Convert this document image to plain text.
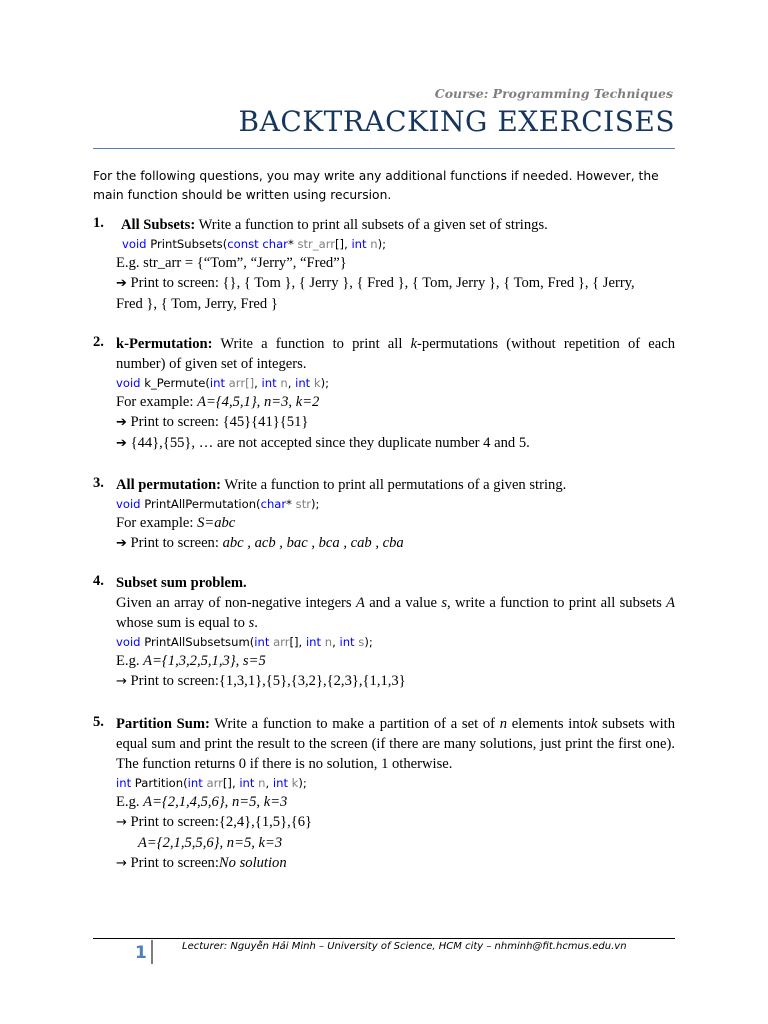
Course: Programming Techniques
BACKTRACKING EXERCISES
For the following questions, you may write any additional functions if needed. However, the main function should be written using recursion.
1. All Subsets: Write a function to print all subsets of a given set of strings.
void PrintSubsets(const char* str_arr[], int n);
E.g. str_arr = {“Tom”, “Jerry”, “Fred”}
➔ Print to screen: {}, { Tom }, { Jerry }, { Fred }, { Tom, Jerry }, { Tom, Fred }, { Jerry,
Fred }, { Tom, Jerry, Fred }
2. k-Permutation: Write a function to print all k-permutations (without repetition of each number) of given set of integers.
void k_Permute(int arr[], int n, int k);
For example: A={4,5,1}, n=3, k=2
➔ Print to screen: {45}{41}{51}
➔ {44},{55}, … are not accepted since they duplicate number 4 and 5.
3. All permutation: Write a function to print all permutations of a given string.
void PrintAllPermutation(char* str);
For example: S=abc
➔ Print to screen: abc , acb , bac , bca , cab , cba
4. Subset sum problem.
Given an array of non-negative integers A and a value s, write a function to print all subsets A whose sum is equal to s.
void PrintAllSubsetsum(int arr[], int n, int s);
E.g. A={1,3,2,5,1,3}, s=5
→ Print to screen:{1,3,1},{5},{3,2},{2,3},{1,1,3}
5. Partition Sum: Write a function to make a partition of a set of n elements intok subsets with equal sum and print the result to the screen (if there are many solutions, just print the first one). The function returns 0 if there is no solution, 1 otherwise.
int Partition(int arr[], int n, int k);
E.g. A={2,1,4,5,6}, n=5, k=3
→ Print to screen:{2,4},{1,5},{6}
A={2,1,5,5,6}, n=5, k=3
→ Print to screen:No solution
1	Lecturer: Nguyễn Hải Minh – University of Science, HCM city – nhminh@fit.hcmus.edu.vn
